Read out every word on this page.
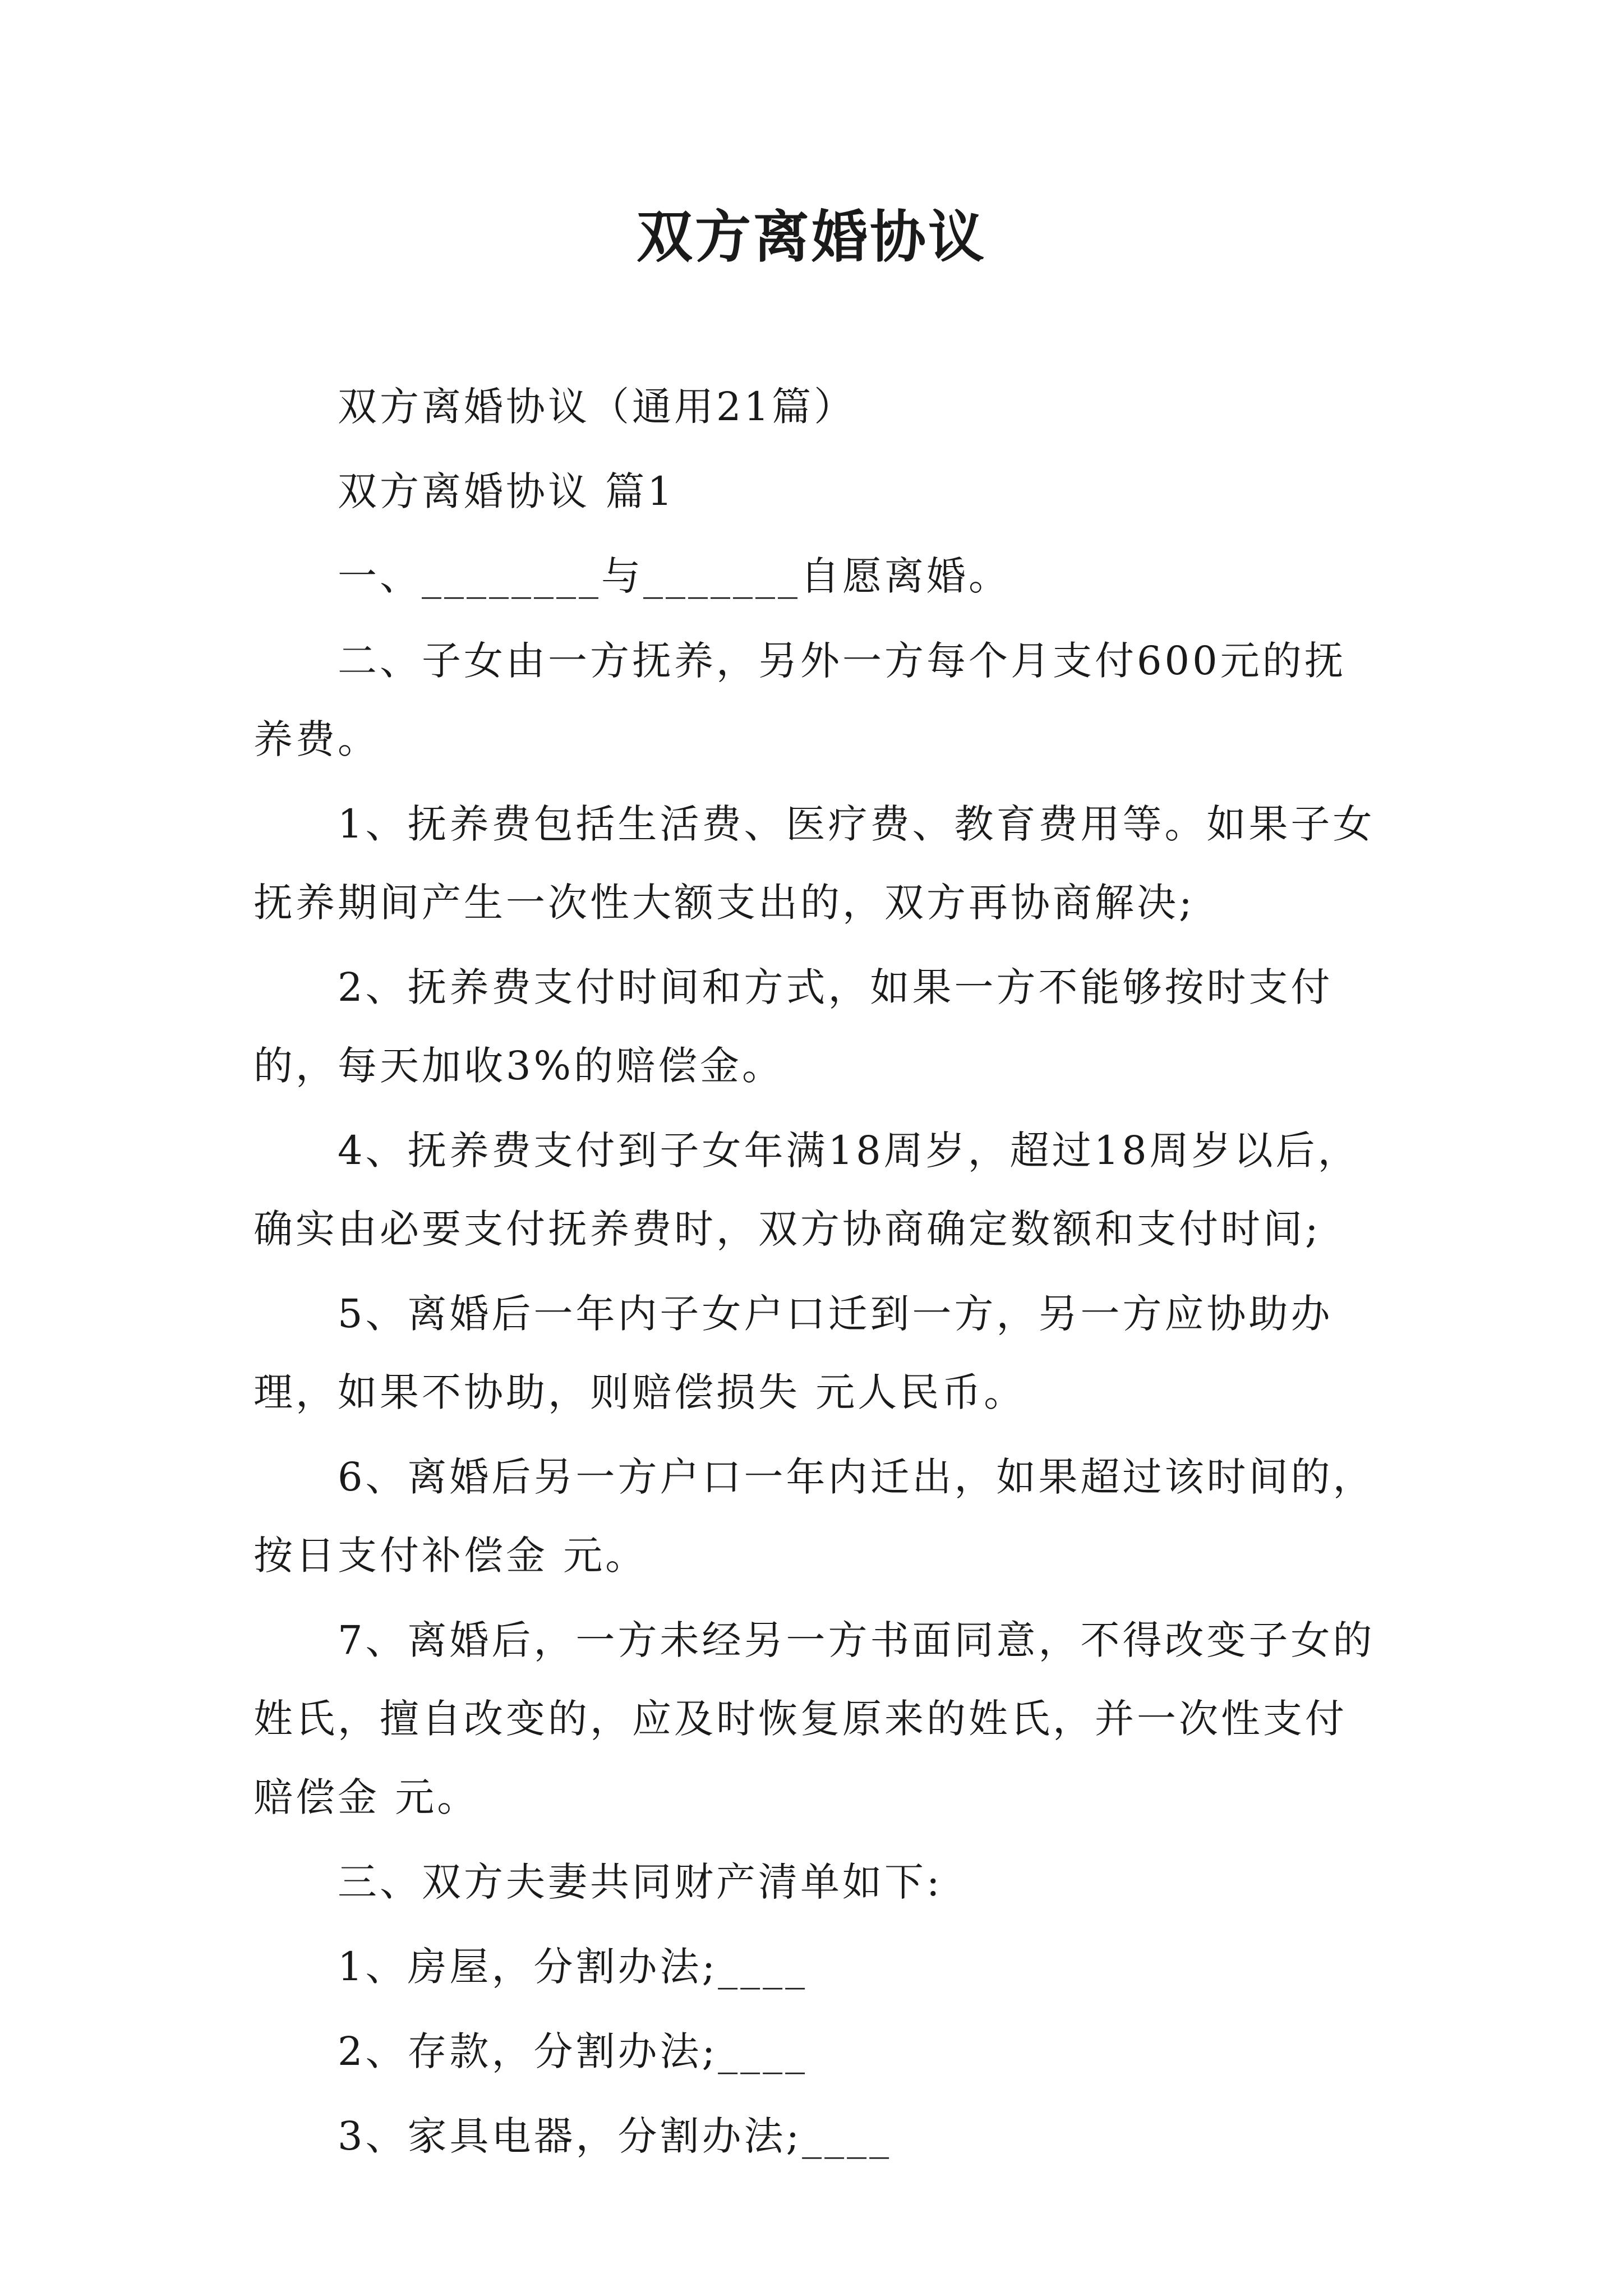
双方离婚协议

双方离婚协议（通用21篇）

双方离婚协议 篇1

一、________与_______自愿离婚。

二、子女由一方抚养，另外一方每个月支付600元的抚养费。

1、抚养费包括生活费、医疗费、教育费用等。如果子女抚养期间产生一次性大额支出的，双方再协商解决;

2、抚养费支付时间和方式，如果一方不能够按时支付的，每天加收3%的赔偿金。

4、抚养费支付到子女年满18周岁，超过18周岁以后，确实由必要支付抚养费时，双方协商确定数额和支付时间;

5、离婚后一年内子女户口迁到一方，另一方应协助办理，如果不协助，则赔偿损失 元人民币。

6、离婚后另一方户口一年内迁出，如果超过该时间的，按日支付补偿金 元。

7、离婚后，一方未经另一方书面同意，不得改变子女的姓氏，擅自改变的，应及时恢复原来的姓氏，并一次性支付赔偿金 元。

三、双方夫妻共同财产清单如下:

1、房屋，分割办法;____

2、存款，分割办法;____

3、家具电器，分割办法;____
